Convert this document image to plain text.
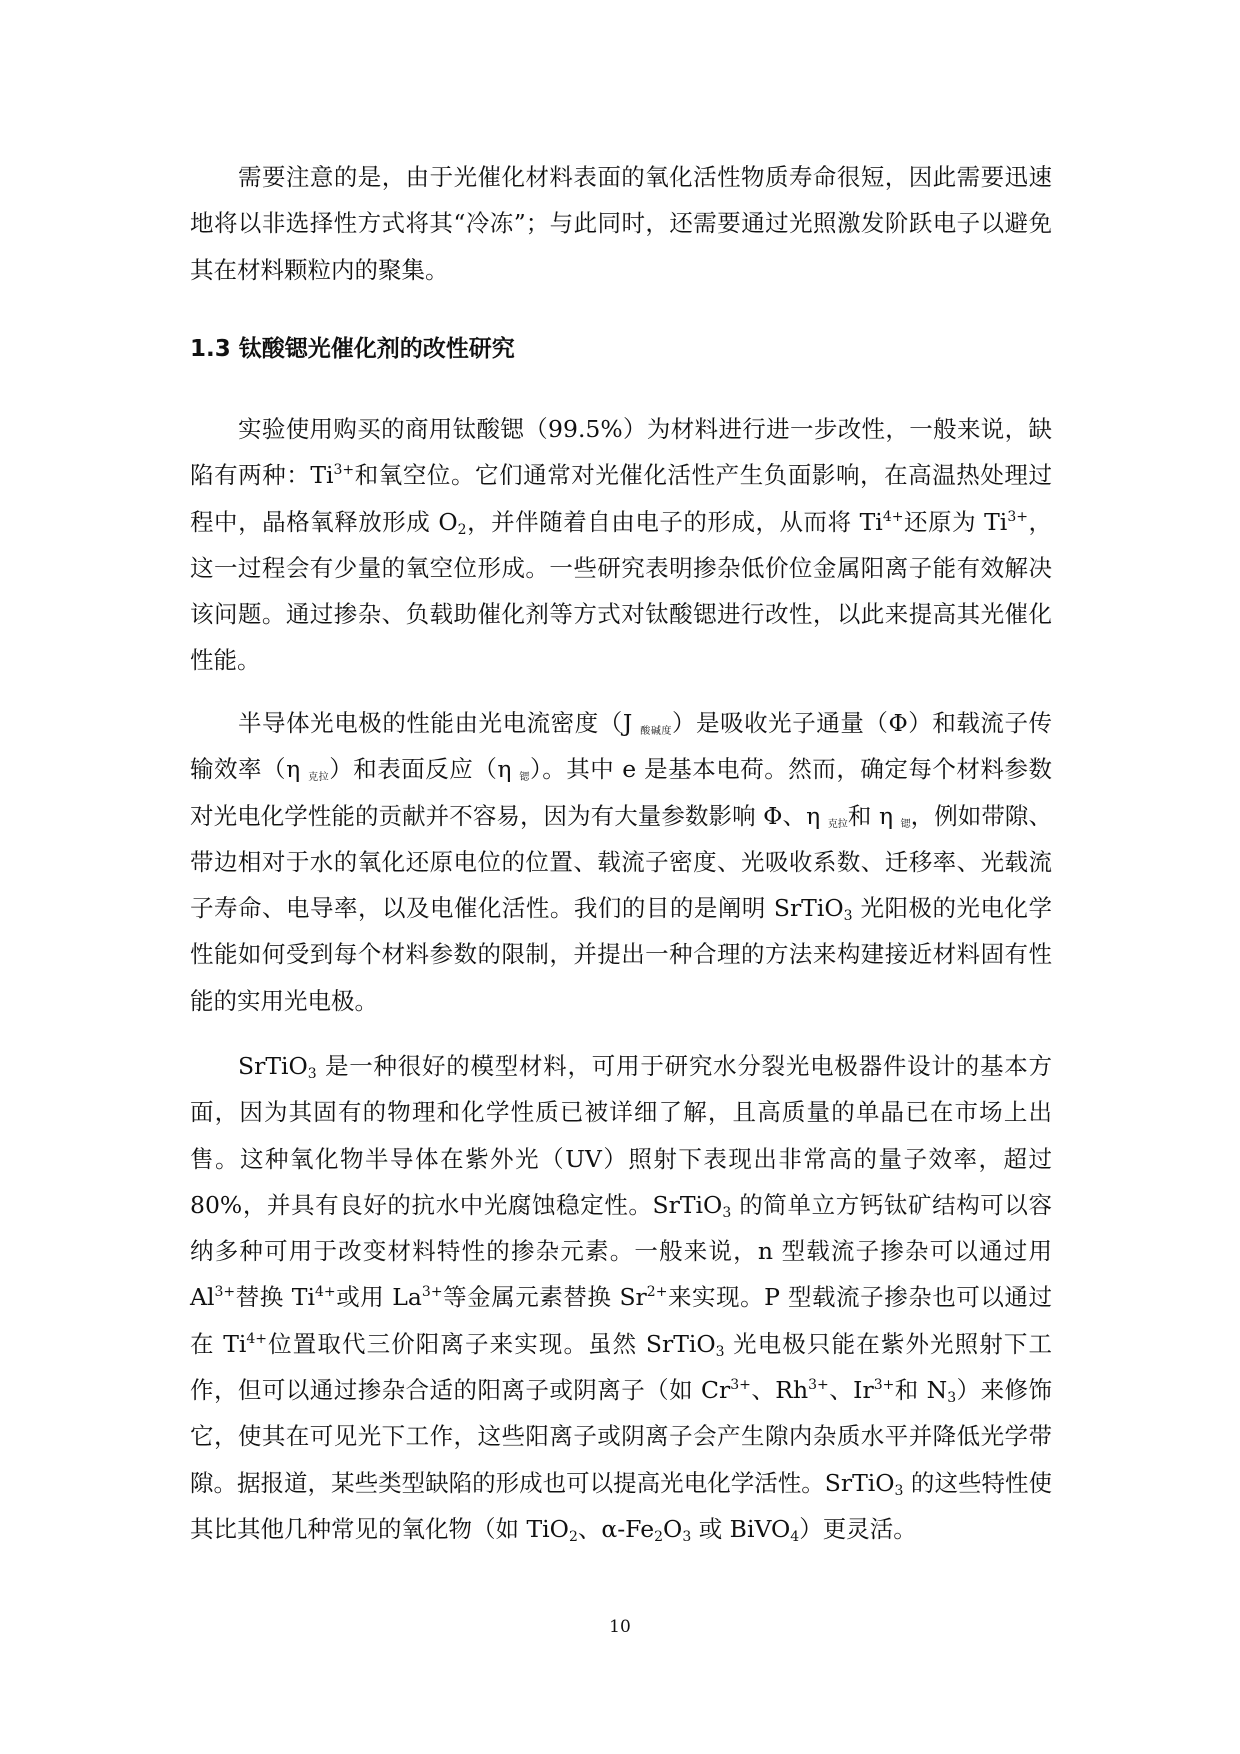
需要注意的是，由于光催化材料表面的氧化活性物质寿命很短，因此需要迅速地将以非选择性方式将其“冷冻”；与此同时，还需要通过光照激发阶跃电子以避免其在材料颗粒内的聚集。

1.3 钛酸锶光催化剂的改性研究

实验使用购买的商用钛酸锶（99.5%）为材料进行进一步改性，一般来说，缺陷有两种：$Ti^{3+}$和氧空位。它们通常对光催化活性产生负面影响，在高温热处理过程中，晶格氧释放形成 $O_2$，并伴随着自由电子的形成，从而将 $Ti^{4+}$还原为 $Ti^{3+}$，这一过程会有少量的氧空位形成。一些研究表明掺杂低价位金属阳离子能有效解决该问题。通过掺杂、负载助催化剂等方式对钛酸锶进行改性，以此来提高其光催化性能。

半导体光电极的性能由光电流密度（J 酸碱度）是吸收光子通量（Φ）和载流子传输效率（η 克拉）和表面反应（η 锶）。其中 e 是基本电荷。然而，确定每个材料参数对光电化学性能的贡献并不容易，因为有大量参数影响 Φ、η 克拉和 η 锶，例如带隙、带边相对于水的氧化还原电位的位置、载流子密度、光吸收系数、迁移率、光载流子寿命、电导率，以及电催化活性。我们的目的是阐明 SrTiO$_3$ 光阳极的光电化学性能如何受到每个材料参数的限制，并提出一种合理的方法来构建接近材料固有性能的实用光电极。

SrTiO$_3$ 是一种很好的模型材料，可用于研究水分裂光电极器件设计的基本方面，因为其固有的物理和化学性质已被详细了解，且高质量的单晶已在市场上出售。这种氧化物半导体在紫外光（UV）照射下表现出非常高的量子效率，超过 80%，并具有良好的抗水中光腐蚀稳定性。SrTiO$_3$ 的简单立方钙钛矿结构可以容纳多种可用于改变材料特性的掺杂元素。一般来说，n 型载流子掺杂可以通过用 $Al^{3+}$替换 $Ti^{4+}$或用 $La^{3+}$等金属元素替换 $Sr^{2+}$来实现。P 型载流子掺杂也可以通过在 $Ti^{4+}$位置取代三价阳离子来实现。虽然 SrTiO$_3$ 光电极只能在紫外光照射下工作，但可以通过掺杂合适的阳离子或阴离子（如 $Cr^{3+}$、$Rh^{3+}$、$Ir^{3+}$和 $N_3$）来修饰它，使其在可见光下工作，这些阳离子或阴离子会产生隙内杂质水平并降低光学带隙。据报道，某些类型缺陷的形成也可以提高光电化学活性。SrTiO$_3$ 的这些特性使其比其他几种常见的氧化物（如 TiO$_2$、$\alpha-Fe_2O_3$ 或 BiVO$_4$）更灵活。

10
